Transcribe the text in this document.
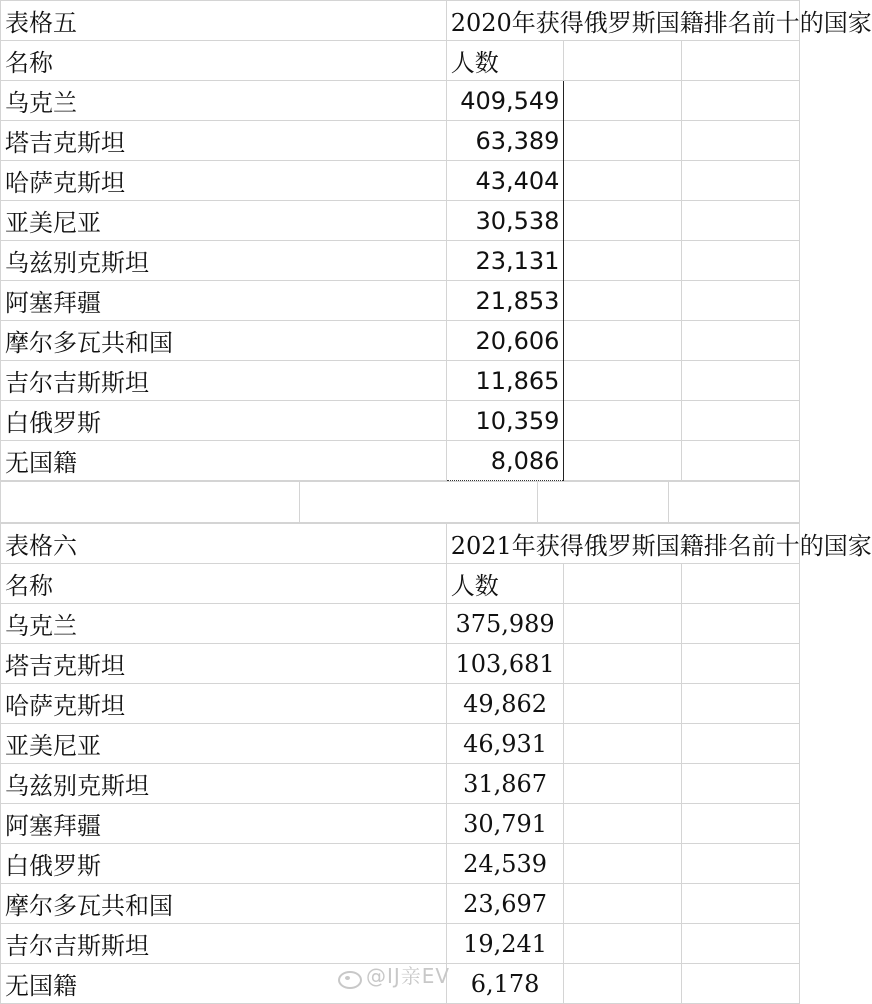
表格五	2020年获得俄罗斯国籍排名前十的国家		
名称	人数		
乌克兰	409,549		
塔吉克斯坦	63,389		
哈萨克斯坦	43,404		
亚美尼亚	30,538		
乌兹别克斯坦	23,131		
阿塞拜疆	21,853		
摩尔多瓦共和国	20,606		
吉尔吉斯斯坦	11,865		
白俄罗斯	10,359		
无国籍	8,086		

表格六	2021年获得俄罗斯国籍排名前十的国家		
名称	人数		
乌克兰	375,989		
塔吉克斯坦	103,681		
哈萨克斯坦	49,862		
亚美尼亚	46,931		
乌兹别克斯坦	31,867		
阿塞拜疆	30,791		
白俄罗斯	24,539		
摩尔多瓦共和国	23,697		
吉尔吉斯斯坦	19,241		
无国籍	6,178		
@IJ亲EV
